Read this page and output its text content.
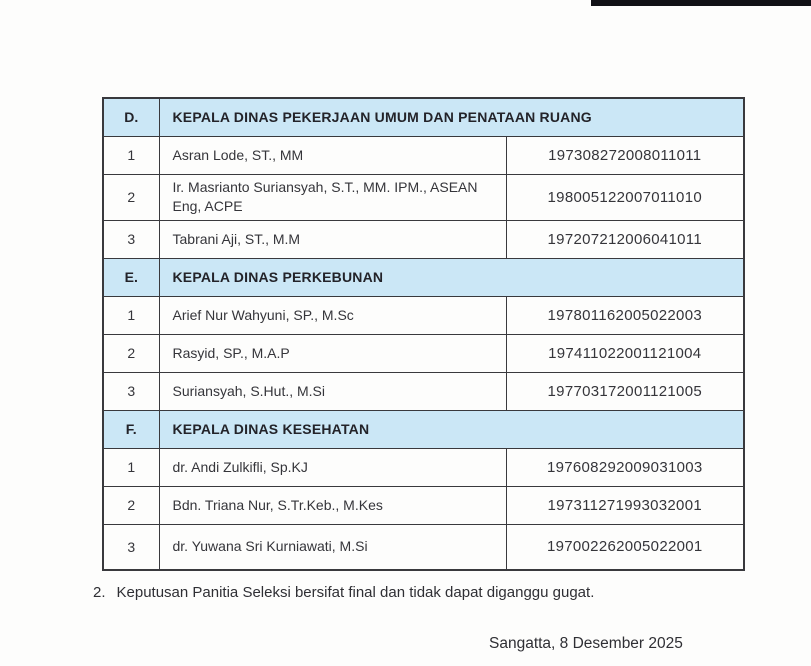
D.	KEPALA DINAS PEKERJAAN UMUM DAN PENATAAN RUANG	
1	Asran Lode, ST., MM	197308272008011011
2	Ir. Masrianto Suriansyah, S.T., MM. IPM., ASEAN Eng, ACPE	198005122007011010
3	Tabrani Aji, ST., M.M	197207212006041011
E.	KEPALA DINAS PERKEBUNAN	
1	Arief Nur Wahyuni, SP., M.Sc	197801162005022003
2	Rasyid, SP., M.A.P	197411022001121004
3	Suriansyah, S.Hut., M.Si	197703172001121005
F.	KEPALA DINAS KESEHATAN	
1	dr. Andi Zulkifli, Sp.KJ	197608292009031003
2	Bdn. Triana Nur, S.Tr.Keb., M.Kes	197311271993032001
3	dr. Yuwana Sri Kurniawati, M.Si	197002262005022001
2. Keputusan Panitia Seleksi bersifat final dan tidak dapat diganggu gugat.
Sangatta, 8 Desember 2025
